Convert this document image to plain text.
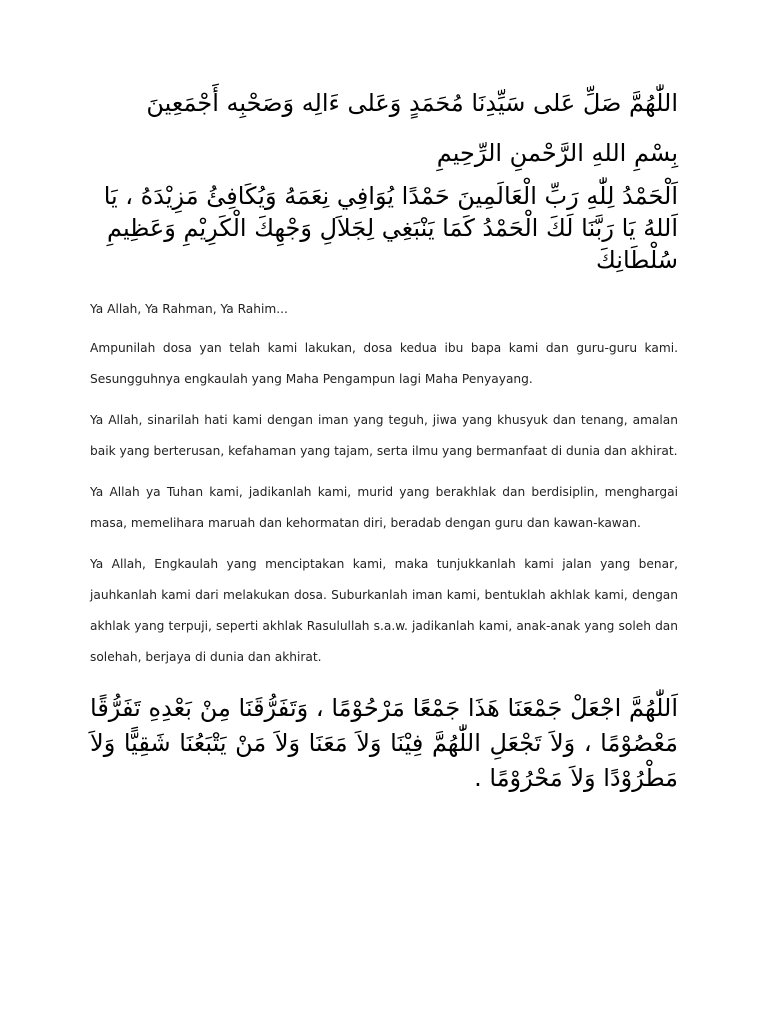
اللّٰهُمَّ صَلِّ عَلى سَيِّدِنَا مُحَمَدٍ وَعَلى ءَالِه وَصَحْبِه أَجْمَعِينَ

بِسْمِ اللهِ الرَّحْمنِ الرِّحِيمِ

اَلْحَمْدُ لِلّٰهِ رَبِّ الْعَالَمِينَ حَمْدًا يُوَافِي نِعَمَهُ وَيُكَافِئُ مَزِيْدَهُ ، يَا اَللهُ يَا رَبَّنَا لَكَ الْحَمْدُ كَمَا يَنْبَغِي لِجَلاَلِ وَجْهِكَ الْكَرِيْمِ وَعَظِيمِ سُلْطَانِكَ

Ya Allah, Ya Rahman, Ya Rahim...

Ampunilah dosa yan telah kami lakukan, dosa kedua ibu bapa kami dan guru-guru kami. Sesungguhnya engkaulah yang Maha Pengampun lagi Maha Penyayang.

Ya Allah, sinarilah hati kami dengan iman yang teguh, jiwa yang khusyuk dan tenang, amalan baik yang berterusan, kefahaman yang tajam, serta ilmu yang bermanfaat di dunia dan akhirat.

Ya Allah ya Tuhan kami, jadikanlah kami, murid yang berakhlak dan berdisiplin, menghargai masa, memelihara maruah dan kehormatan diri, beradab dengan guru dan kawan-kawan.

Ya Allah, Engkaulah yang menciptakan kami, maka tunjukkanlah kami jalan yang benar, jauhkanlah kami dari melakukan dosa. Suburkanlah iman kami, bentuklah akhlak kami, dengan akhlak yang terpuji, seperti akhlak Rasulullah s.a.w. jadikanlah kami, anak-anak yang soleh dan solehah, berjaya di dunia dan akhirat.

اَللّٰهُمَّ اجْعَلْ جَمْعَنَا هَذَا جَمْعًا مَرْحُوْمًا ، وَتَفَرُّقَنَا مِنْ بَعْدِهِ تَفَرُّقًا مَعْصُوْمًا ، وَلاَ تَجْعَلِ اللّٰهُمَّ فِيْنَا وَلاَ مَعَنَا وَلاَ مَنْ يَتْبَعُنَا شَقِيًّا وَلاَ مَطْرُوْدًا وَلاَ مَحْرُوْمًا .
